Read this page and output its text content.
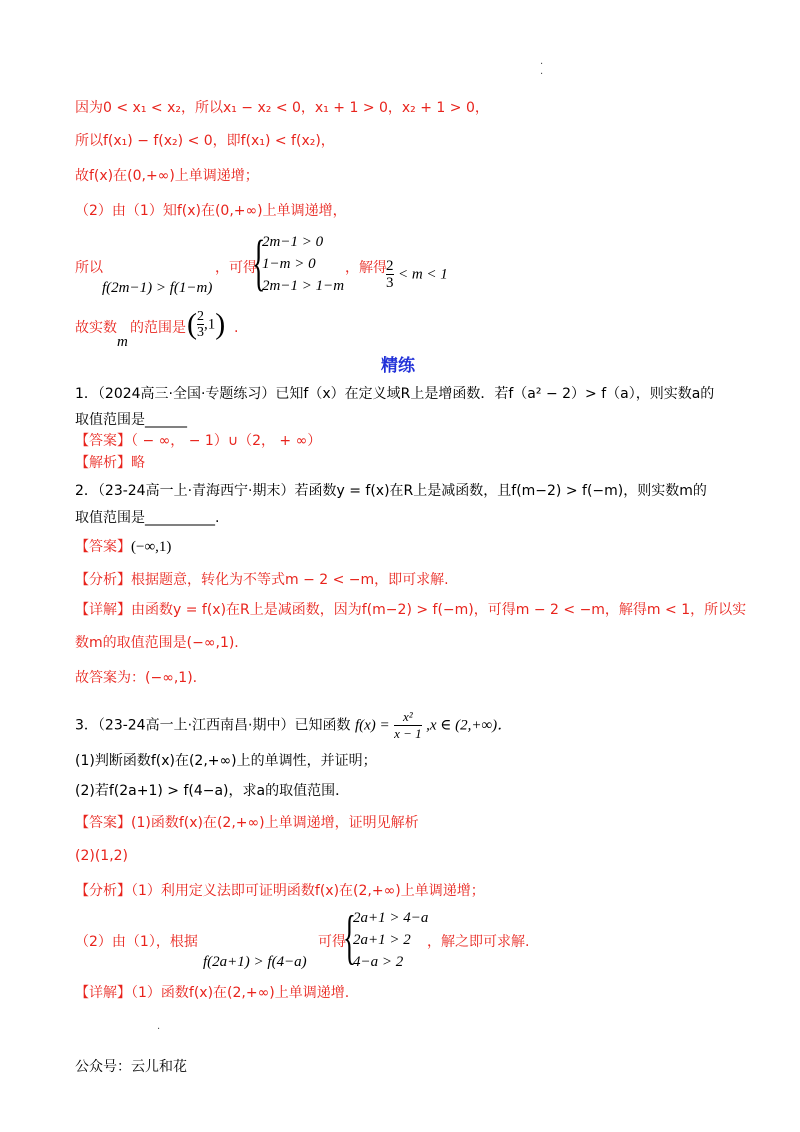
.
.
因为0 < x₁ < x₂，所以x₁ − x₂ < 0，x₁ + 1 > 0，x₂ + 1 > 0，
所以f(x₁) − f(x₂) < 0，即f(x₁) < f(x₂)，
故f(x)在(0,+∞)上单调递增；
（2）由（1）知f(x)在(0,+∞)上单调递增，
所以
f(2m−1) > f(1−m)
，可得
{
2m−1 > 0
1−m > 0
2m−1 > 1−m
，解得 $\frac{2}{3} < m < 1$
故实数
m
的范围是 ( $\frac{2}{3} ,1$) .
精练
1．（2024高三·全国·专题练习）已知f（x）在定义域R上是增函数．若f（a² − 2）> f（a），则实数a的
取值范围是______
【答案】（ − ∞， − 1）∪（2， + ∞）
【解析】略
2．（23-24高一上·青海西宁·期末）若函数y = f(x)在R上是减函数，且f(m−2) > f(−m)，则实数m的
取值范围是__________.
【答案】(−∞,1)
【分析】根据题意，转化为不等式m − 2 < −m，即可求解.
【详解】由函数y = f(x)在R上是减函数，因为f(m−2) > f(−m)，可得m − 2 < −m，解得m < 1，所以实
数m的取值范围是(−∞,1).
故答案为：(−∞,1).
3．（23-24高一上·江西南昌·期中）已知函数 $f(x) = \frac{\text{x²}}{x - 1} ,x$ ∈ (2,+∞)．
(1)判断函数f(x)在(2,+∞)上的单调性，并证明；
(2)若f(2a+1) > f(4−a)，求a的取值范围．
【答案】(1)函数f(x)在(2,+∞)上单调递增，证明见解析
(2)(1,2)
【分析】（1）利用定义法即可证明函数f(x)在(2,+∞)上单调递增；
（2）由（1），根据
f(2a+1) > f(4−a)
可得
{
2a+1 > 4−a
2a+1 > 2
4−a > 2
，解之即可求解.
【详解】（1）函数f(x)在(2,+∞)上单调递增.
.
公众号：云儿和花
